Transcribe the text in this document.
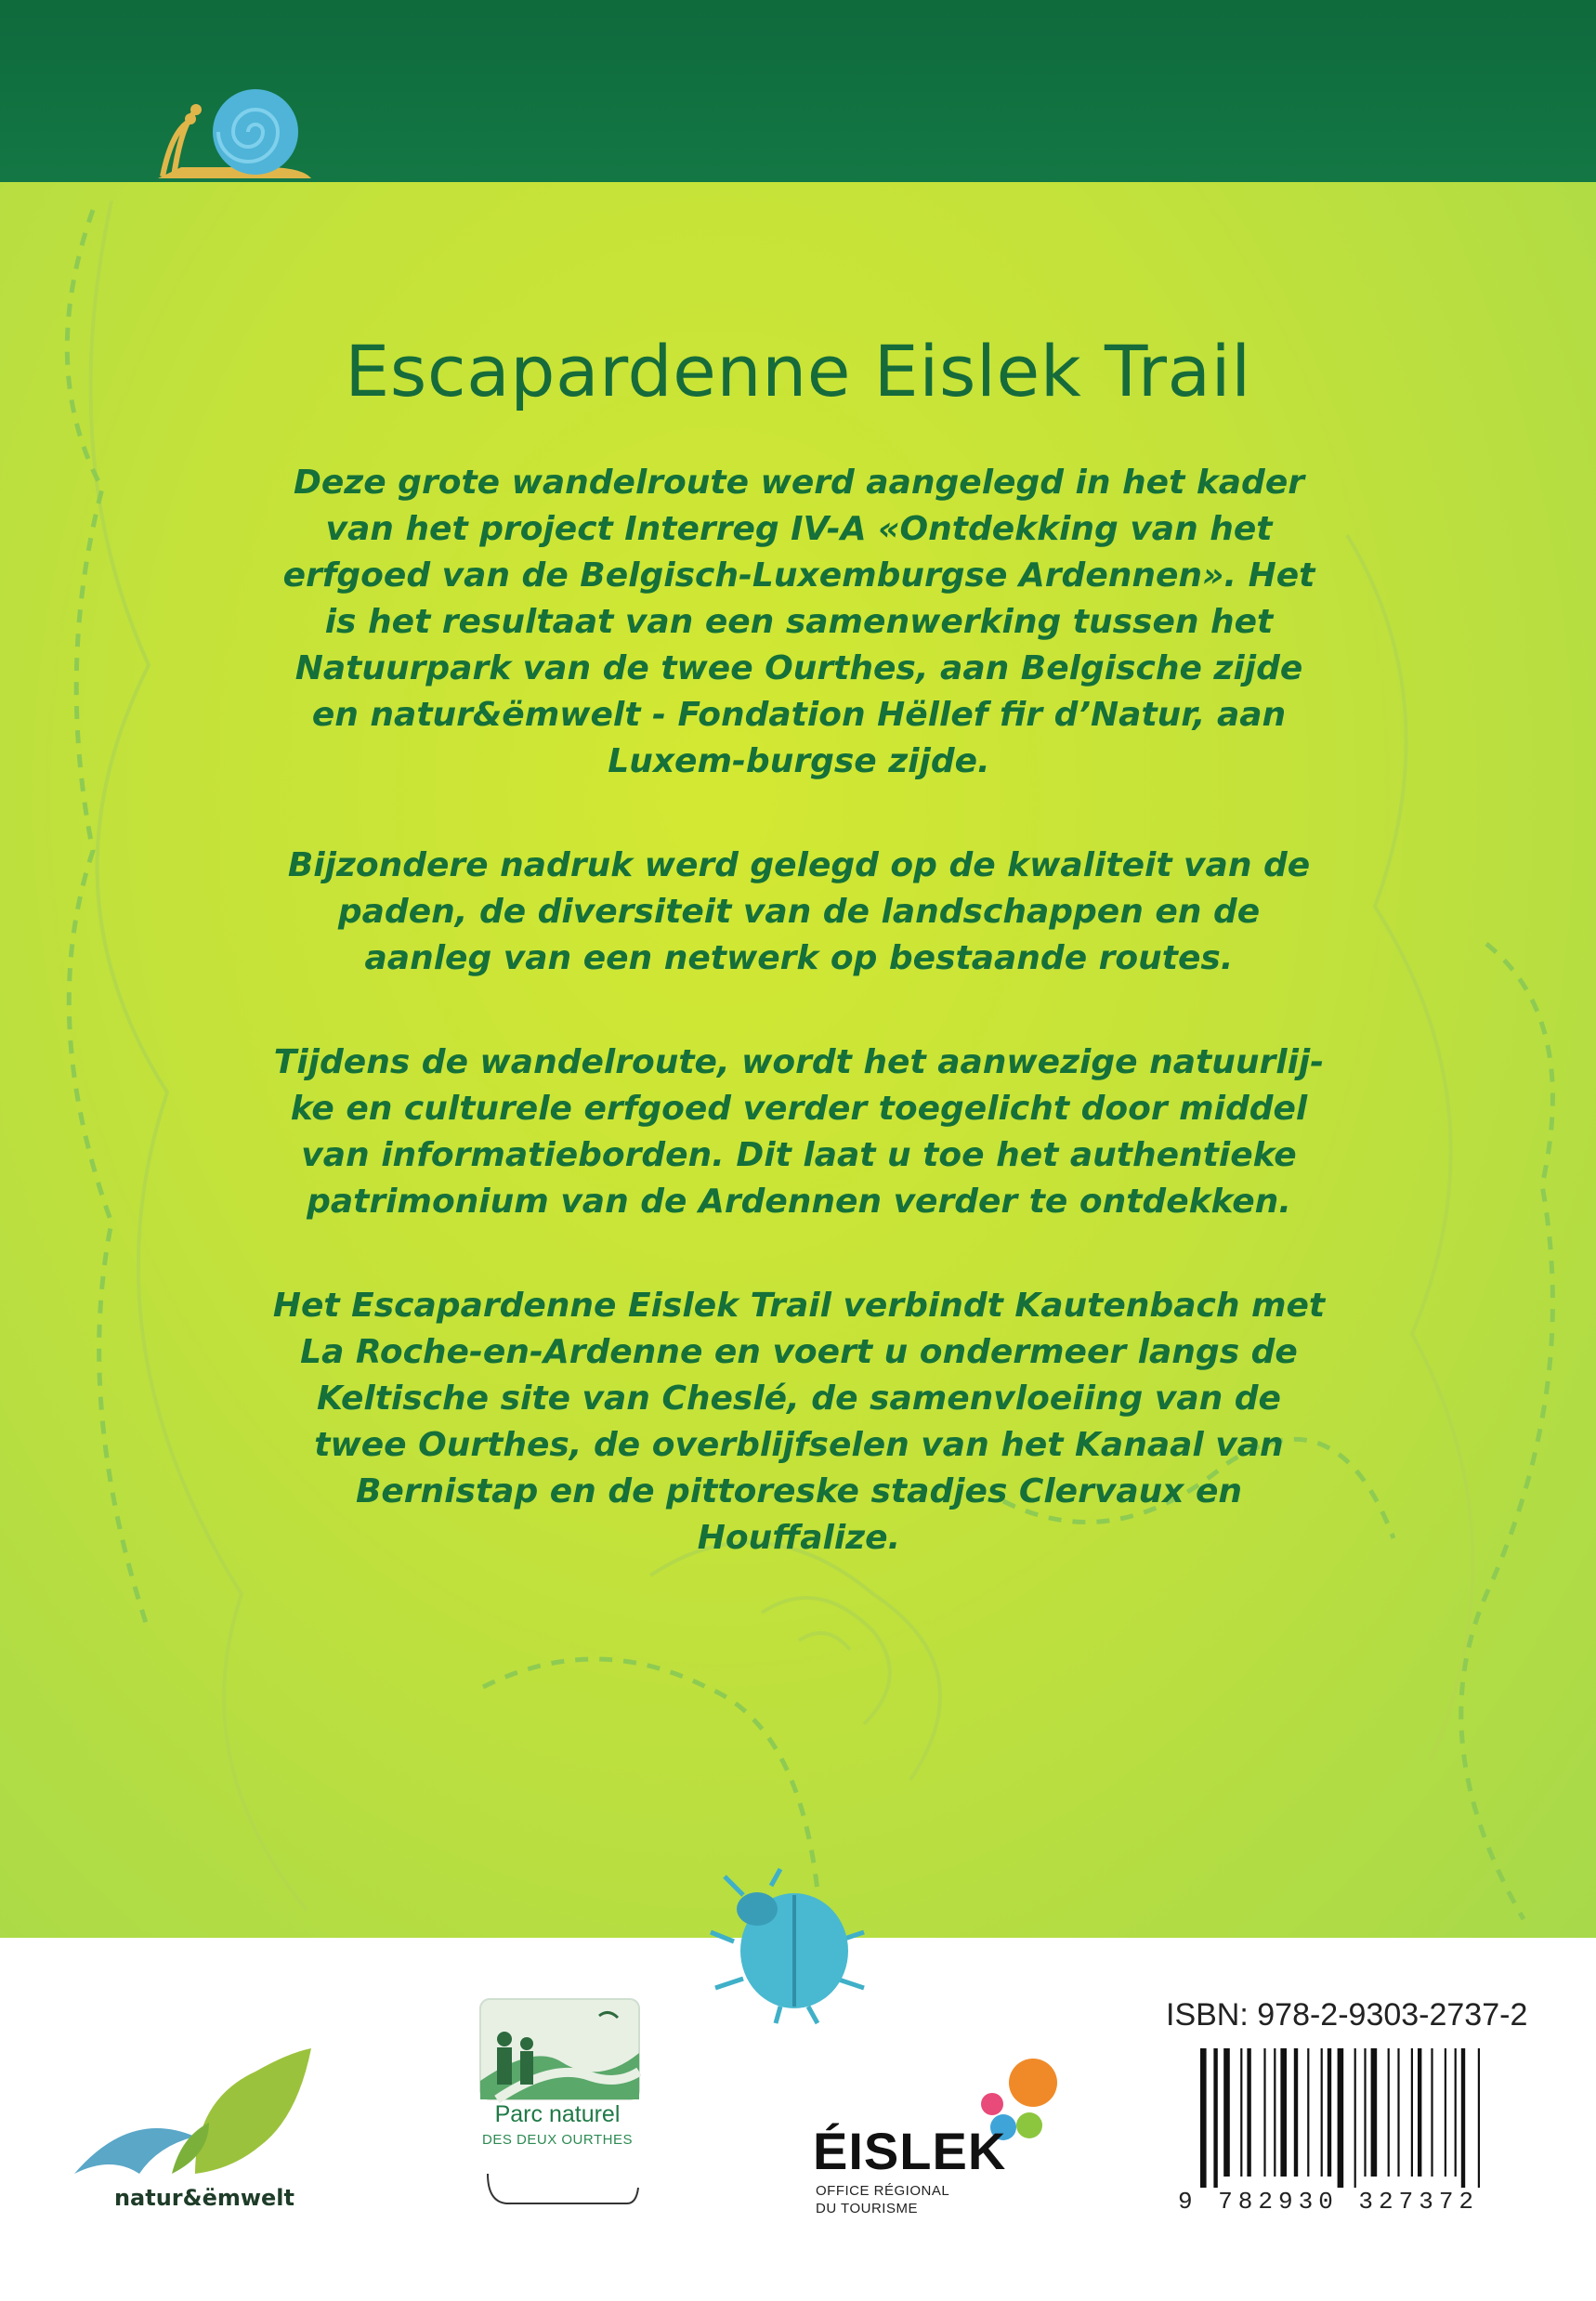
Escapardenne Eislek Trail

Deze grote wandelroute werd aangelegd in het kader van het project Interreg IV-A «Ontdekking van het erfgoed van de Belgisch-Luxemburgse Ardennen». Het is het resultaat van een samenwerking tussen het Natuurpark van de twee Ourthes, aan Belgische zijde en natur&ëmwelt - Fondation Hëllef fir d’Natur, aan Luxem-burgse zijde.

Bijzondere nadruk werd gelegd op de kwaliteit van de paden, de diversiteit van de landschappen en de aanleg van een netwerk op bestaande routes.

Tijdens de wandelroute, wordt het aanwezige natuurlij-ke en culturele erfgoed verder toegelicht door middel van informatieborden. Dit laat u toe het authentieke patrimonium van de Ardennen verder te ontdekken.

Het Escapardenne Eislek Trail verbindt Kautenbach met La Roche-en-Ardenne en voert u ondermeer langs de Keltische site van Cheslé, de samenvloeiing van de twee Ourthes, de overblijfselen van het Kanaal van Bernistap en de pittoreske stadjes Clervaux en Houffalize.

natur&ëmwelt
Parc naturel
DES DEUX OURTHES	ÉISLEK
OFFICE RÉGIONAL
DU TOURISME
ISBN: 978-2-9303-2737-2
9 782930 327372
